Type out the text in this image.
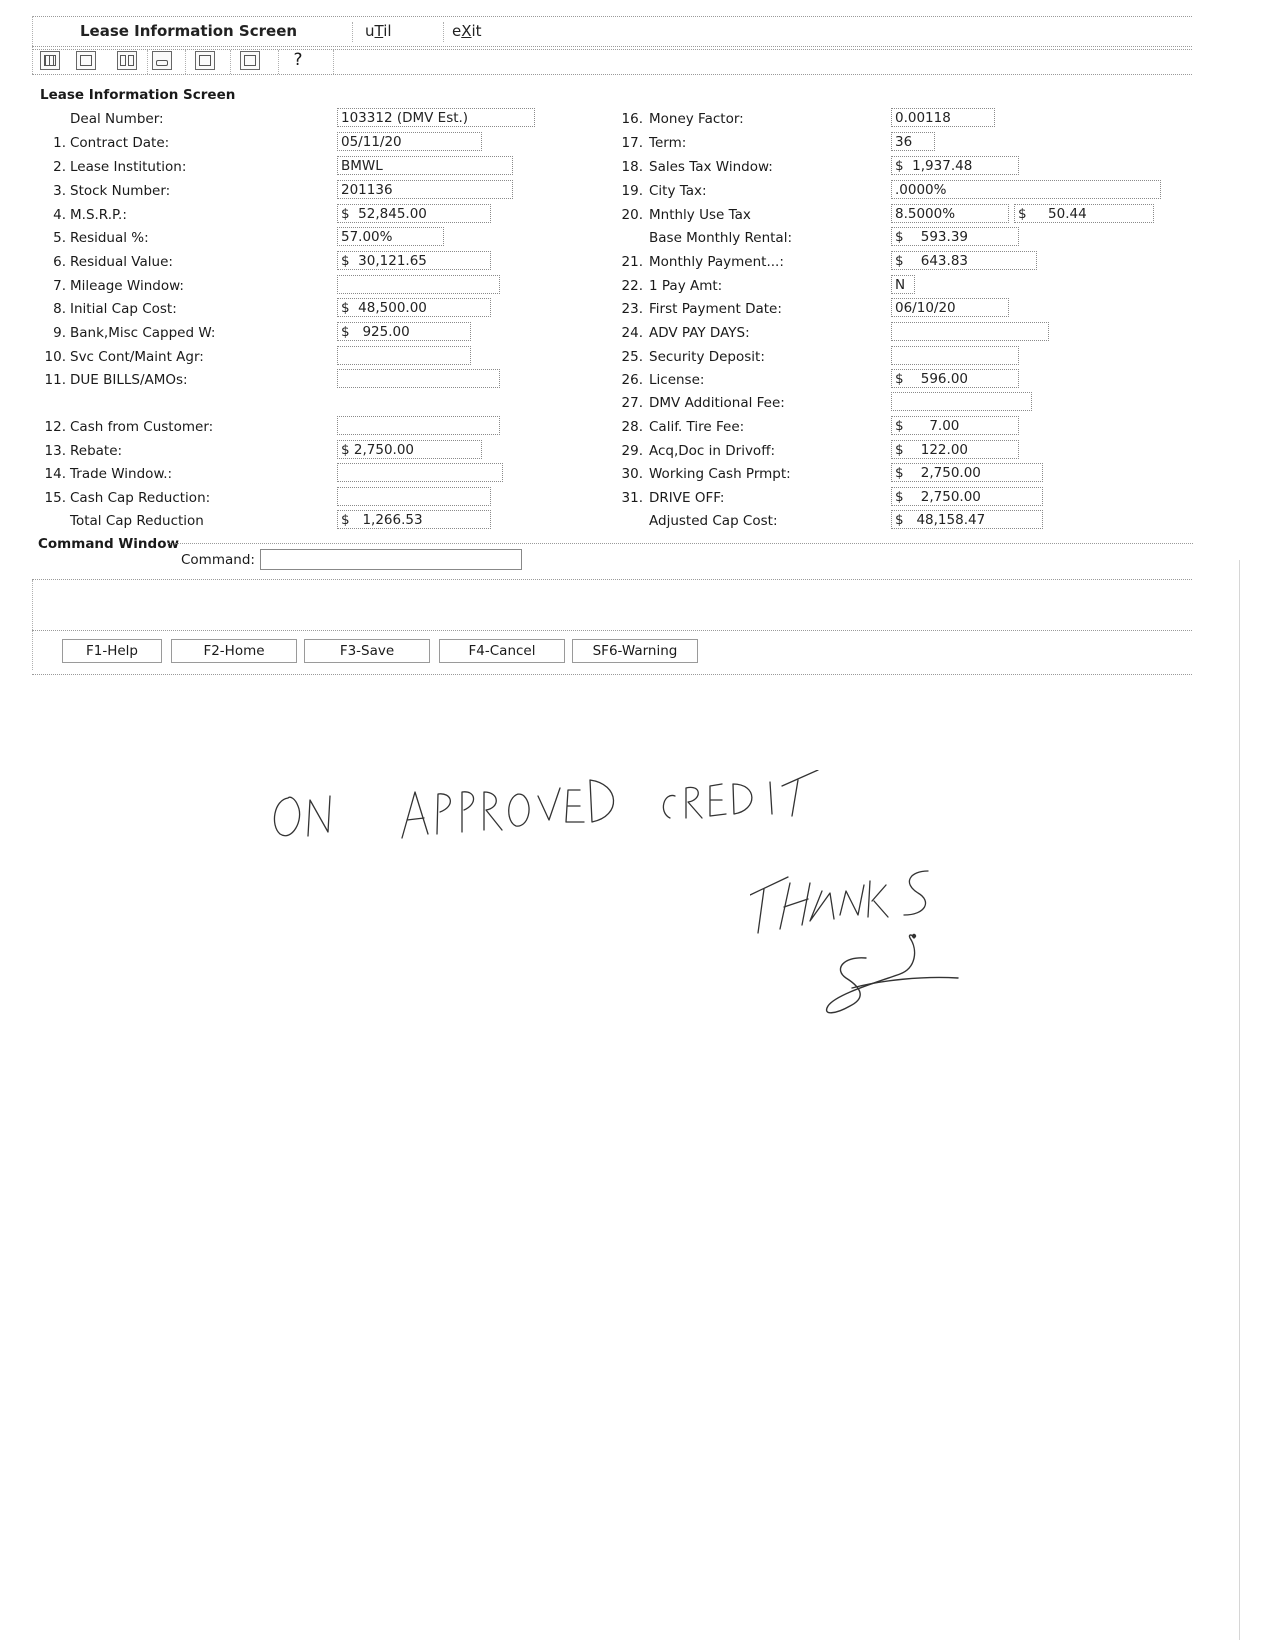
Lease Information Screen	uTil	eXit
?
Lease Information Screen
Deal Number:	103312 (DMV Est.)
1. Contract Date:	05/11/20
2. Lease Institution:	BMWL
3. Stock Number:	201136
4. M.S.R.P.:	$  52,845.00
5. Residual %:	57.00%
6. Residual Value:	$  30,121.65
7. Mileage Window:
8. Initial Cap Cost:	$  48,500.00
9. Bank,Misc Capped W:	$   925.00
10. Svc Cont/Maint Agr:
11. DUE BILLS/AMOs:
12. Cash from Customer:
13. Rebate:	$ 2,750.00
14. Trade Window.:
15. Cash Cap Reduction:
Total Cap Reduction	$   1,266.53
16. Money Factor:	0.00118
17. Term:	36
18. Sales Tax Window:	$  1,937.48
19. City Tax:	.0000%
20. Mnthly Use Tax	8.5000%	$     50.44
Base Monthly Rental:	$    593.39
21. Monthly Payment...:	$    643.83
22. 1 Pay Amt:	N
23. First Payment Date:	06/10/20
24. ADV PAY DAYS:
25. Security Deposit:
26. License:	$    596.00
27. DMV Additional Fee:
28. Calif. Tire Fee:	$      7.00
29. Acq,Doc in Drivoff:	$    122.00
30. Working Cash Prmpt:	$    2,750.00
31. DRIVE OFF:	$    2,750.00
Adjusted Cap Cost:	$   48,158.47
Command Window
Command:
F1-Help	F2-Home	F3-Save	F4-Cancel	SF6-Warning
